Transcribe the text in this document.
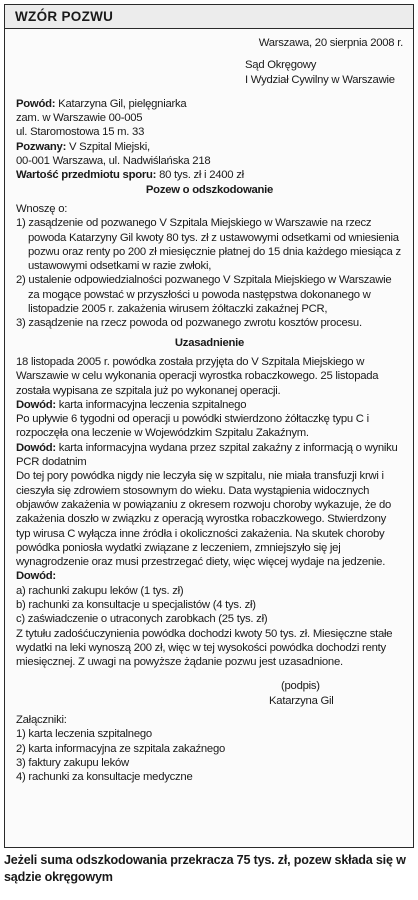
WZÓR POZWU
Warszawa, 20 sierpnia 2008 r.
Sąd Okręgowy
I Wydział Cywilny w Warszawie
Powód: Katarzyna Gil, pielęgniarka
zam. w Warszawie 00-005
ul. Staromostowa 15 m. 33
Pozwany: V Szpital Miejski,
00-001 Warszawa, ul. Nadwiślańska 218
Wartość przedmiotu sporu: 80 tys. zł i 2400 zł
Pozew o odszkodowanie
Wnoszę o:
1) zasądzenie od pozwanego V Szpitala Miejskiego w Warszawie na rzecz powoda Katarzyny Gil kwoty 80 tys. zł z ustawowymi odsetkami od wniesienia pozwu oraz renty po 200 zł miesięcznie płatnej do 15 dnia każdego miesiąca z ustawowymi odsetkami w razie zwłoki,
2) ustalenie odpowiedzialności pozwanego V Szpitala Miejskiego w Warszawie za mogące powstać w przyszłości u powoda następstwa dokonanego w listopadzie 2005 r. zakażenia wirusem żółtaczki zakaźnej PCR,
3) zasądzenie na rzecz powoda od pozwanego zwrotu kosztów procesu.
Uzasadnienie
18 listopada 2005 r. powódka została przyjęta do V Szpitala Miejskiego w Warszawie w celu wykonania operacji wyrostka robaczkowego. 25 listopada została wypisana ze szpitala już po wykonanej operacji.
Dowód: karta informacyjna leczenia szpitalnego
Po upływie 6 tygodni od operacji u powódki stwierdzono żółtaczkę typu C i rozpoczęła ona leczenie w Wojewódzkim Szpitalu Zakaźnym.
Dowód: karta informacyjna wydana przez szpital zakaźny z informacją o wyniku PCR dodatnim
Do tej pory powódka nigdy nie leczyła się w szpitalu, nie miała transfuzji krwi i cieszyła się zdrowiem stosownym do wieku. Data wystąpienia widocznych objawów zakażenia w powiązaniu z okresem rozwoju choroby wykazuje, że do zakażenia doszło w związku z operacją wyrostka robaczkowego. Stwierdzony typ wirusa C wyłącza inne źródła i okoliczności zakażenia. Na skutek choroby powódka poniosła wydatki związane z leczeniem, zmniejszyło się jej wynagrodzenie oraz musi przestrzegać diety, więc więcej wydaje na jedzenie.
Dowód:
a) rachunki zakupu leków (1 tys. zł)
b) rachunki za konsultacje u specjalistów (4 tys. zł)
c) zaświadczenie o utraconych zarobkach (25 tys. zł)
Z tytułu zadośćuczynienia powódka dochodzi kwoty 50 tys. zł. Miesięczne stałe wydatki na leki wynoszą 200 zł, więc w tej wysokości powódka dochodzi renty miesięcznej. Z uwagi na powyższe żądanie pozwu jest uzasadnione.
(podpis)
Katarzyna Gil
Załączniki:
1) karta leczenia szpitalnego
2) karta informacyjna ze szpitala zakaźnego
3) faktury zakupu leków
4) rachunki za konsultacje medyczne
Jeżeli suma odszkodowania przekracza 75 tys. zł, pozew składa się w sądzie okręgowym
